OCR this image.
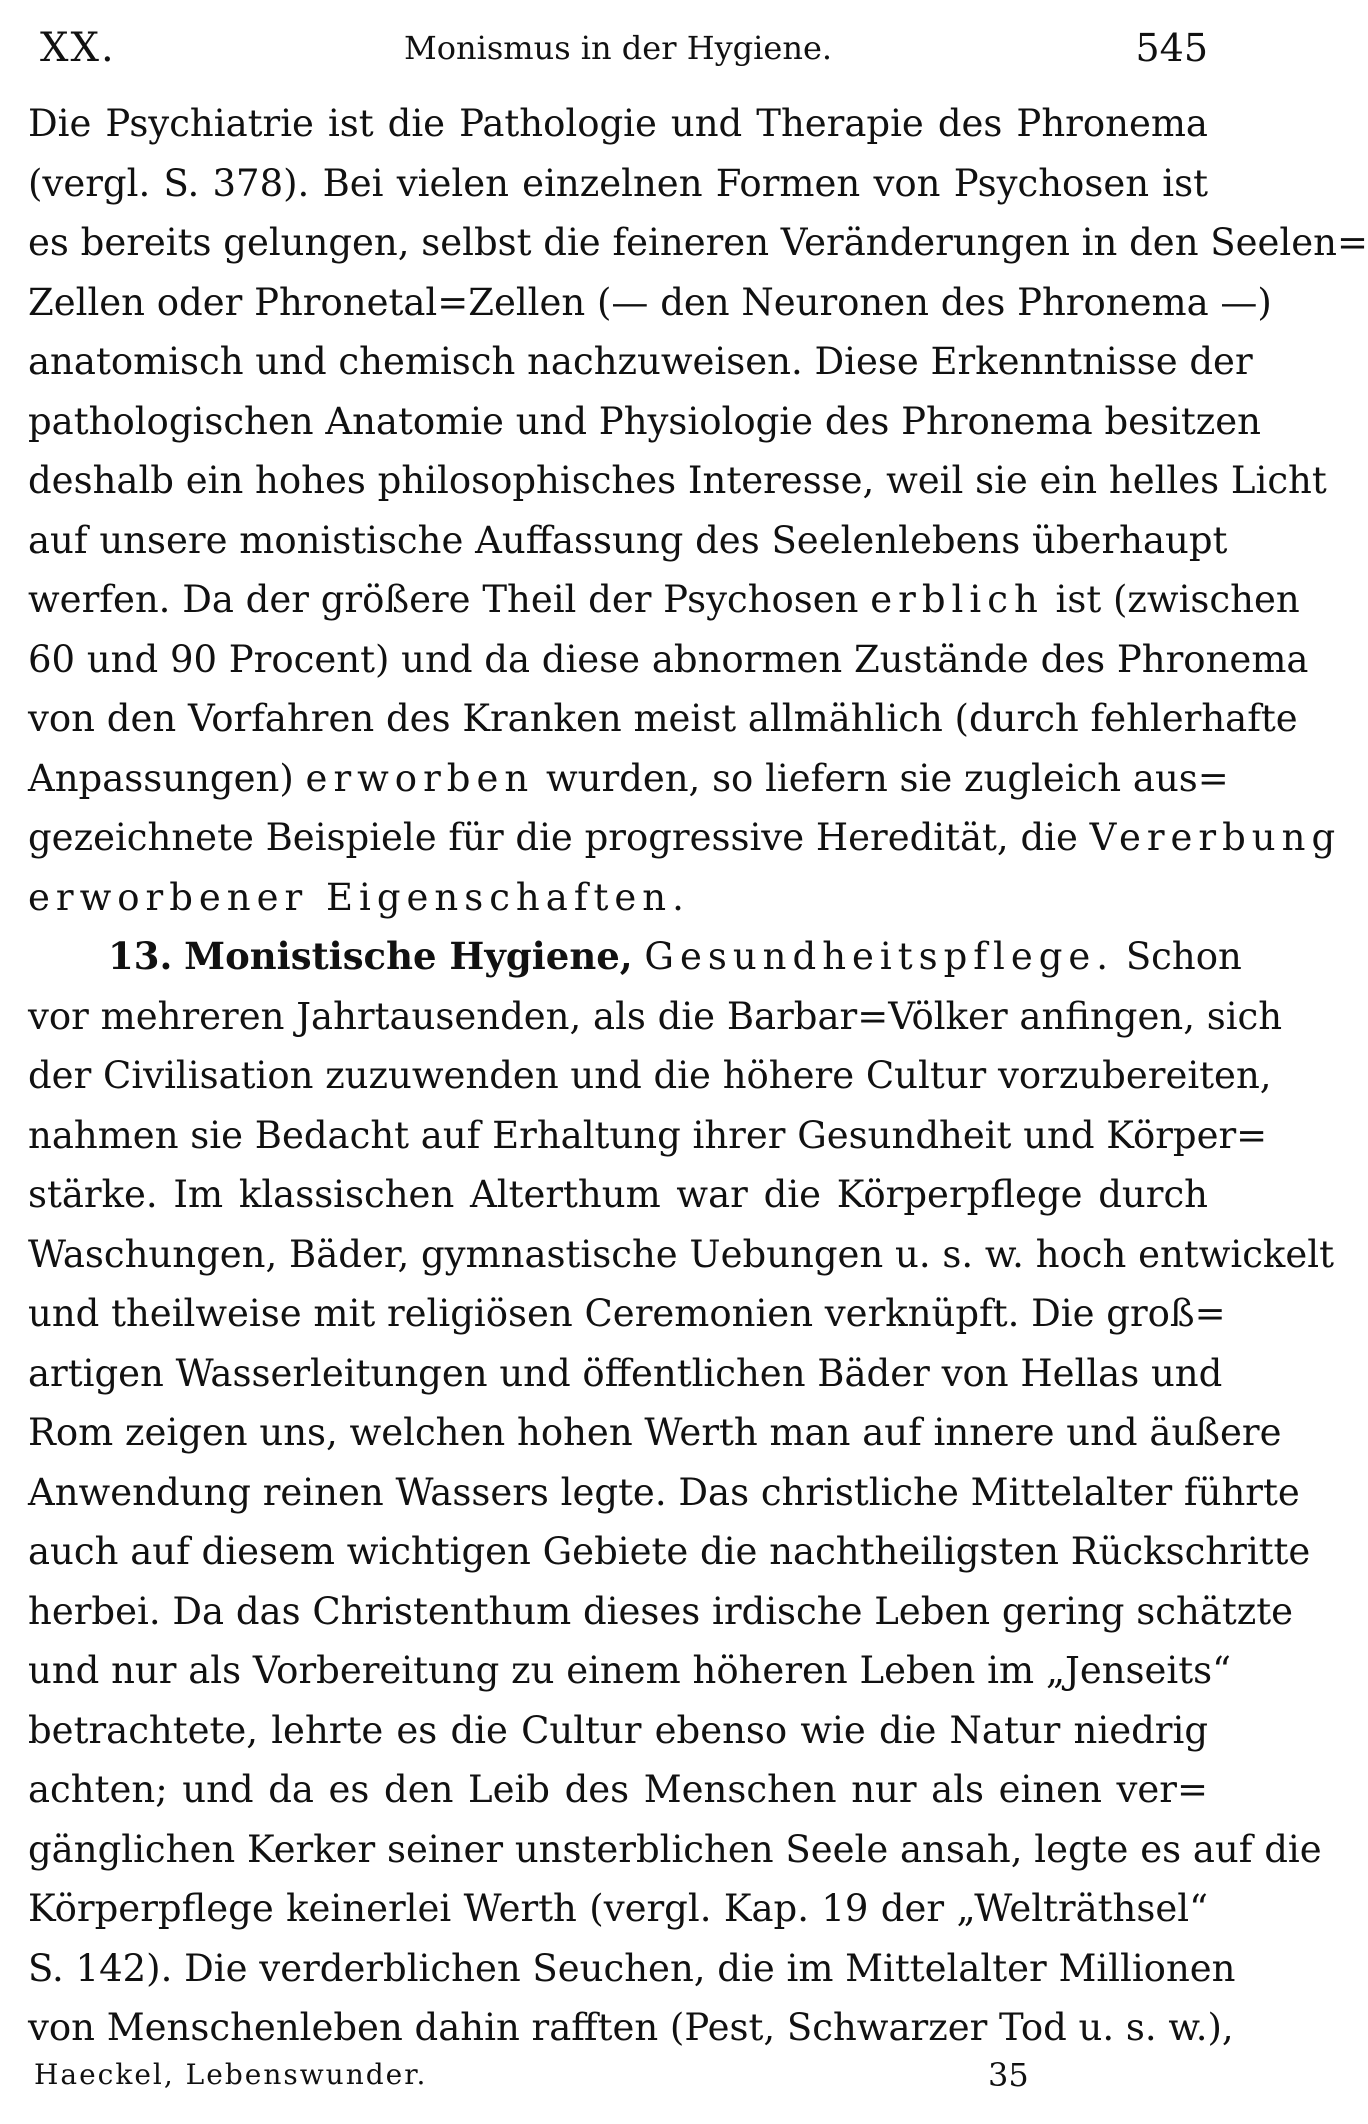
XX.	Monismus in der Hygiene.	545
Die Psychiatrie ist die Pathologie und Therapie des Phronema
(vergl. S. 378). Bei vielen einzelnen Formen von Psychosen ist
es bereits gelungen, selbst die feineren Veränderungen in den Seelen=
Zellen oder Phronetal=Zellen (— den Neuronen des Phronema —)
anatomisch und chemisch nachzuweisen. Diese Erkenntnisse der
pathologischen Anatomie und Physiologie des Phronema besitzen
deshalb ein hohes philosophisches Interesse, weil sie ein helles Licht
auf unsere monistische Auffassung des Seelenlebens überhaupt
werfen. Da der größere Theil der Psychosen erblich ist (zwischen
60 und 90 Procent) und da diese abnormen Zustände des Phronema
von den Vorfahren des Kranken meist allmählich (durch fehlerhafte
Anpassungen) erworben wurden, so liefern sie zugleich aus=
gezeichnete Beispiele für die progressive Heredität, die Vererbung
erworbener Eigenschaften.
13. Monistische Hygiene, Gesundheitspflege. Schon
vor mehreren Jahrtausenden, als die Barbar=Völker anfingen, sich
der Civilisation zuzuwenden und die höhere Cultur vorzubereiten,
nahmen sie Bedacht auf Erhaltung ihrer Gesundheit und Körper=
stärke. Im klassischen Alterthum war die Körperpflege durch
Waschungen, Bäder, gymnastische Uebungen u. s. w. hoch entwickelt
und theilweise mit religiösen Ceremonien verknüpft. Die groß=
artigen Wasserleitungen und öffentlichen Bäder von Hellas und
Rom zeigen uns, welchen hohen Werth man auf innere und äußere
Anwendung reinen Wassers legte. Das christliche Mittelalter führte
auch auf diesem wichtigen Gebiete die nachtheiligsten Rückschritte
herbei. Da das Christenthum dieses irdische Leben gering schätzte
und nur als Vorbereitung zu einem höheren Leben im „Jenseits“
betrachtete, lehrte es die Cultur ebenso wie die Natur niedrig
achten; und da es den Leib des Menschen nur als einen ver=
gänglichen Kerker seiner unsterblichen Seele ansah, legte es auf die
Körperpflege keinerlei Werth (vergl. Kap. 19 der „Welträthsel“
S. 142). Die verderblichen Seuchen, die im Mittelalter Millionen
von Menschenleben dahin rafften (Pest, Schwarzer Tod u. s. w.),
Haeckel, Lebenswunder.	35
